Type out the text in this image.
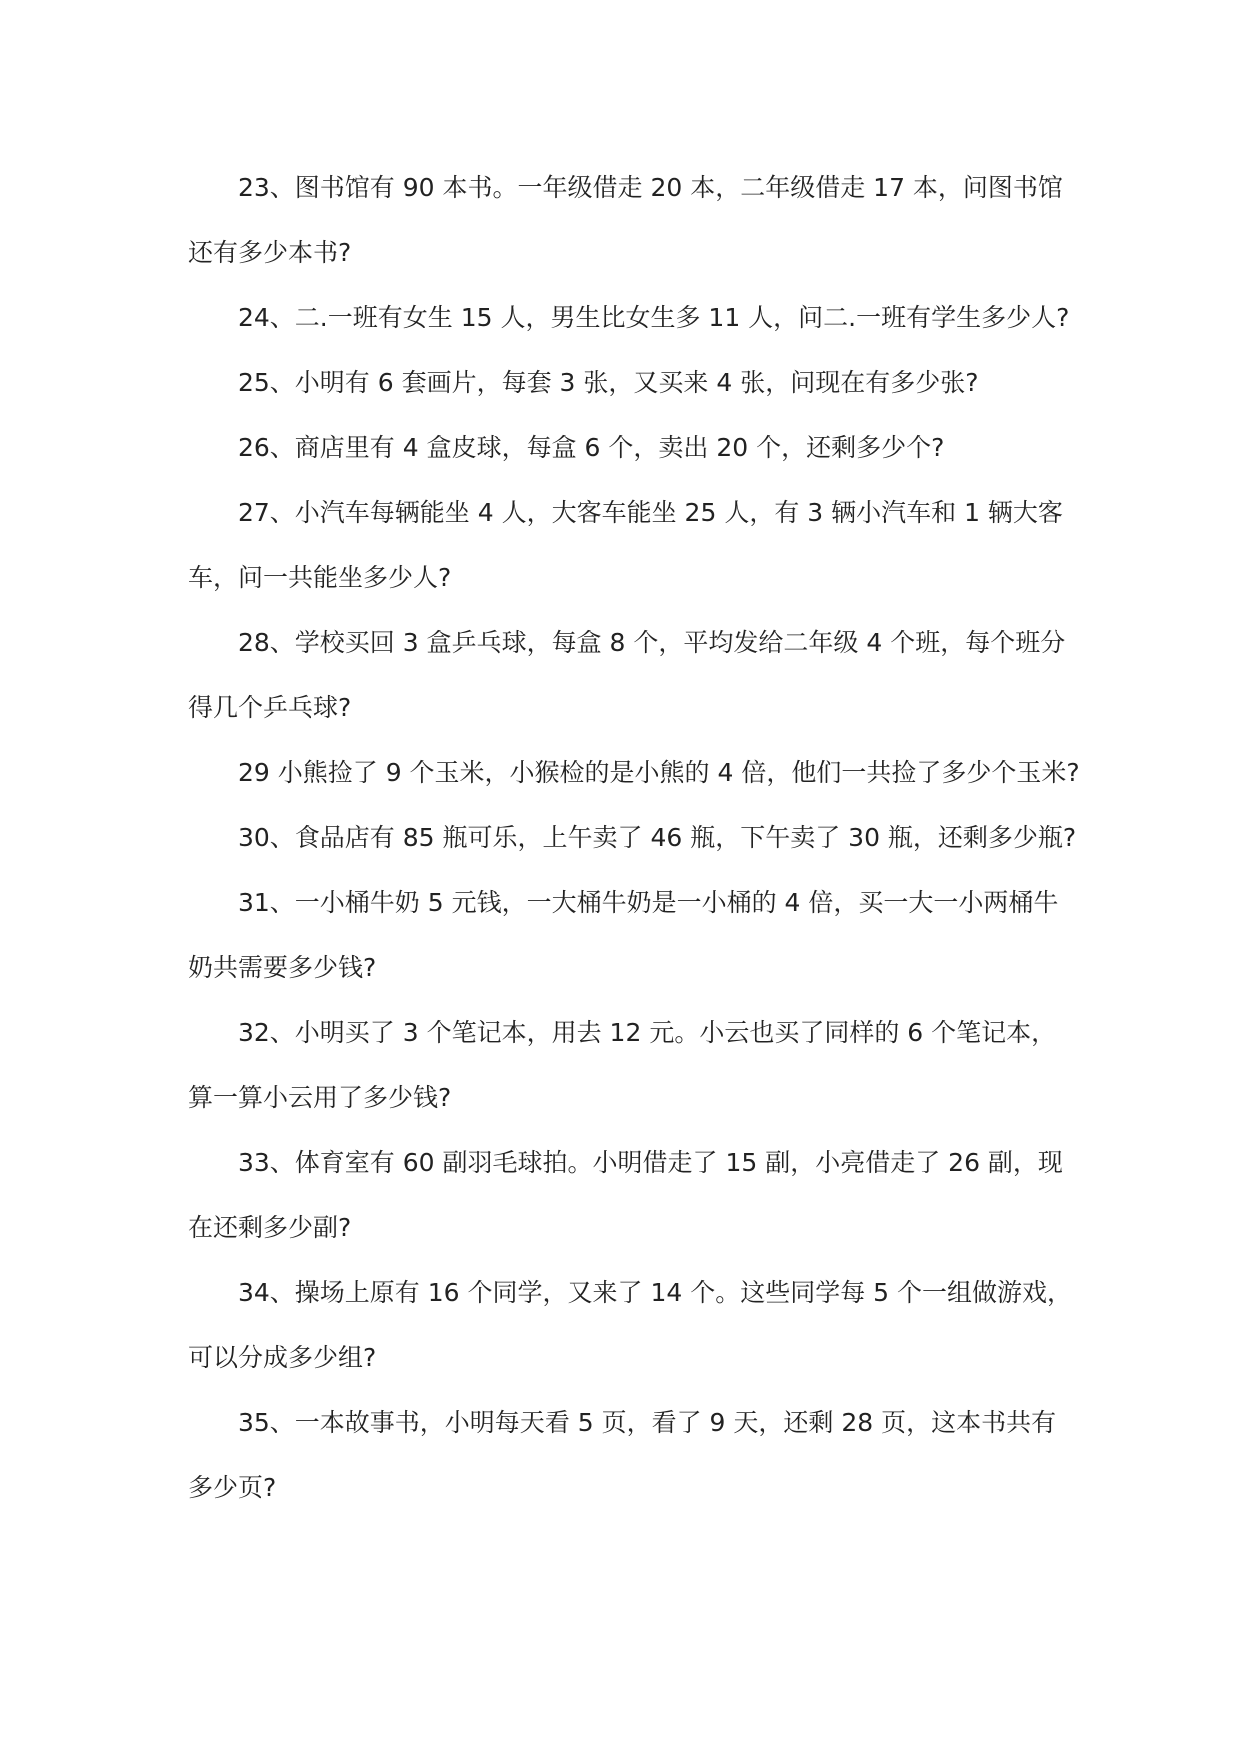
23、图书馆有 90 本书。一年级借走 20 本，二年级借走 17 本，问图书馆
还有多少本书?
24、二.一班有女生 15 人，男生比女生多 11 人，问二.一班有学生多少人?
25、小明有 6 套画片，每套 3 张，又买来 4 张，问现在有多少张?
26、商店里有 4 盒皮球，每盒 6 个，卖出 20 个，还剩多少个?
27、小汽车每辆能坐 4 人，大客车能坐 25 人，有 3 辆小汽车和 1 辆大客
车，问一共能坐多少人?
28、学校买回 3 盒乒乓球，每盒 8 个，平均发给二年级 4 个班，每个班分
得几个乒乓球?
29 小熊捡了 9 个玉米，小猴检的是小熊的 4 倍，他们一共捡了多少个玉米?
30、食品店有 85 瓶可乐，上午卖了 46 瓶，下午卖了 30 瓶，还剩多少瓶?
31、一小桶牛奶 5 元钱，一大桶牛奶是一小桶的 4 倍，买一大一小两桶牛
奶共需要多少钱?
32、小明买了 3 个笔记本，用去 12 元。小云也买了同样的 6 个笔记本，
算一算小云用了多少钱?
33、体育室有 60 副羽毛球拍。小明借走了 15 副，小亮借走了 26 副，现
在还剩多少副?
34、操场上原有 16 个同学，又来了 14 个。这些同学每 5 个一组做游戏，
可以分成多少组?
35、一本故事书，小明每天看 5 页，看了 9 天，还剩 28 页，这本书共有
多少页?
